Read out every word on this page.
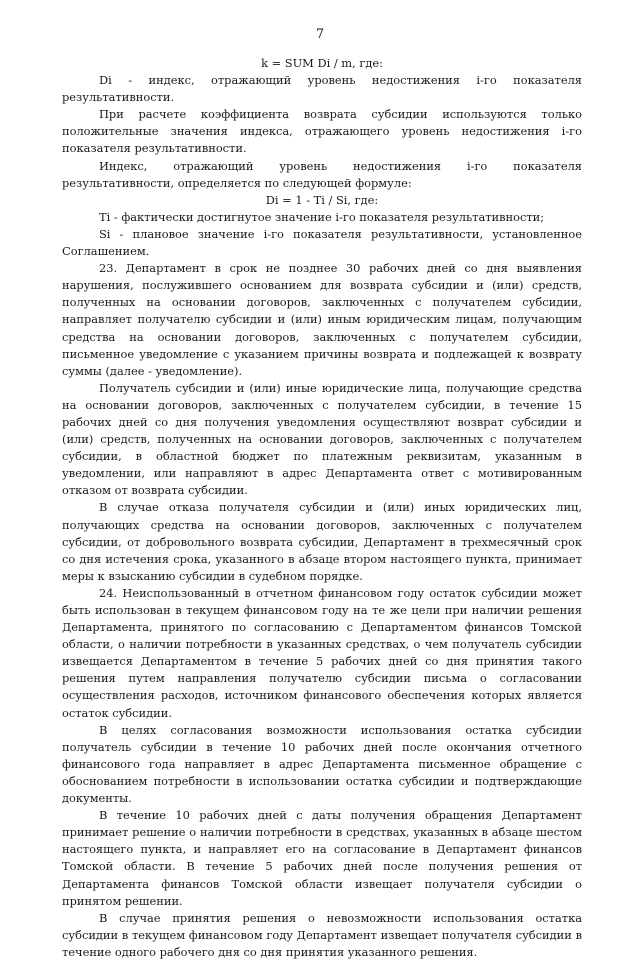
7

k = SUM Di / m, где:

Di - индекс, отражающий уровень недостижения i-го показателя результативности.

При расчете коэффициента возврата субсидии используются только положительные значения индекса, отражающего уровень недостижения i-го показателя результативности.

Индекс, отражающий уровень недостижения i-го показателя результативности, определяется по следующей формуле:

Di = 1 - Ti / Si, где:

Ti - фактически достигнутое значение i-го показателя результативности;

Si - плановое значение i-го показателя результативности, установленное Соглашением.

23. Департамент в срок не позднее 30 рабочих дней со дня выявления нарушения, послужившего основанием для возврата субсидии и (или) средств, полученных на основании договоров, заключенных с получателем субсидии, направляет получателю субсидии и (или) иным юридическим лицам, получающим средства на основании договоров, заключенных с получателем субсидии, письменное уведомление с указанием причины возврата и подлежащей к возврату суммы (далее - уведомление).

Получатель субсидии и (или) иные юридические лица, получающие средства на основании договоров, заключенных с получателем субсидии, в течение 15 рабочих дней со дня получения уведомления осуществляют возврат субсидии и (или) средств, полученных на основании договоров, заключенных с получателем субсидии, в областной бюджет по платежным реквизитам, указанным в уведомлении, или направляют в адрес Департамента ответ с мотивированным отказом от возврата субсидии.

В случае отказа получателя субсидии и (или) иных юридических лиц, получающих средства на основании договоров, заключенных с получателем субсидии, от добровольного возврата субсидии, Департамент в трехмесячный срок со дня истечения срока, указанного в абзаце втором настоящего пункта, принимает меры к взысканию субсидии в судебном порядке.

24. Неиспользованный в отчетном финансовом году остаток субсидии может быть использован в текущем финансовом году на те же цели при наличии решения Департамента, принятого по согласованию с Департаментом финансов Томской области, о наличии потребности в указанных средствах, о чем получатель субсидии извещается Департаментом в течение 5 рабочих дней со дня принятия такого решения путем направления получателю субсидии письма о согласовании осуществления расходов, источником финансового обеспечения которых является остаток субсидии.

В целях согласования возможности использования остатка субсидии получатель субсидии в течение 10 рабочих дней после окончания отчетного финансового года направляет в адрес Департамента письменное обращение с обоснованием потребности в использовании остатка субсидии и подтверждающие документы.

В течение 10 рабочих дней с даты получения обращения Департамент принимает решение о наличии потребности в средствах, указанных в абзаце шестом настоящего пункта, и направляет его на согласование в Департамент финансов Томской области. В течение 5 рабочих дней после получения решения от Департамента финансов Томской области извещает получателя субсидии о принятом решении.

В случае принятия решения о невозможности использования остатка субсидии в текущем финансовом году Департамент извещает получателя субсидии в течение одного рабочего дня со дня принятия указанного решения.
